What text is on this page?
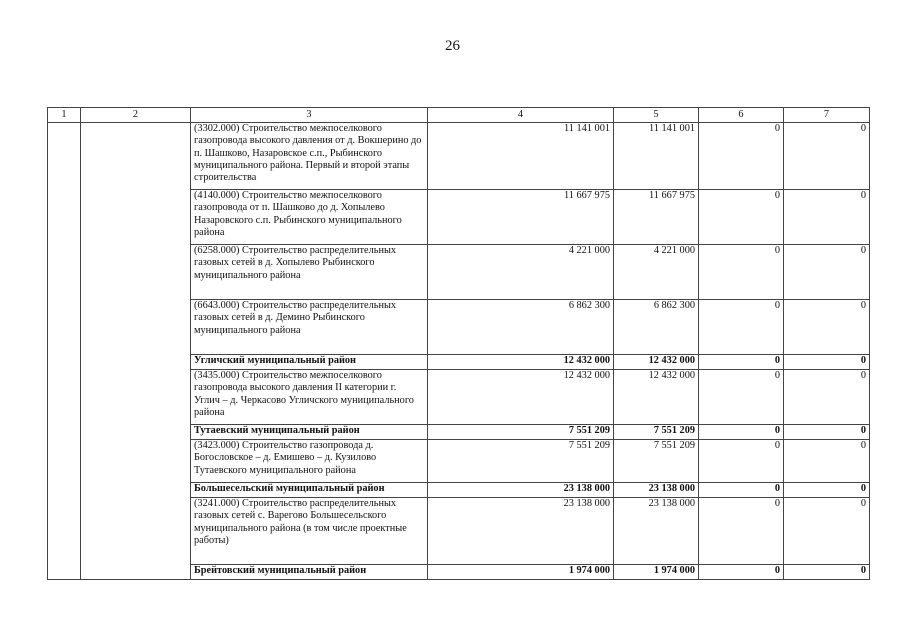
26
1	2	3	4	5	6	7
		(3302.000) Строительство межпоселкового газопровода высокого давления от д. Вокшерино до п. Шашково, Назаровское с.п., Рыбинского муниципального района. Первый и второй этапы строительства	11 141 001	11 141 001	0	0
		(4140.000) Строительство межпоселкового газопровода от п. Шашково до д. Хопылево Назаровского с.п. Рыбинского муниципального района	11 667 975	11 667 975	0	0
		(6258.000) Строительство распределительных газовых сетей в д. Хопылево Рыбинского муниципального района	4 221 000	4 221 000	0	0
		(6643.000) Строительство распределительных газовых сетей в д. Демино Рыбинского муниципального района	6 862 300	6 862 300	0	0
		Угличский муниципальный район	12 432 000	12 432 000	0	0
		(3435.000) Строительство межпоселкового газопровода высокого давления II категории г. Углич – д. Черкасово Угличского муниципального района	12 432 000	12 432 000	0	0
		Тутаевский муниципальный район	7 551 209	7 551 209	0	0
		(3423.000) Строительство газопровода д. Богословское – д. Емишево – д. Кузилово Тутаевского муниципального района	7 551 209	7 551 209	0	0
		Большесельский муниципальный район	23 138 000	23 138 000	0	0
		(3241.000) Строительство распределительных газовых сетей с. Варегово Большесельского муниципального района (в том числе проектные работы)	23 138 000	23 138 000	0	0
		Брейтовский муниципальный район	1 974 000	1 974 000	0	0
